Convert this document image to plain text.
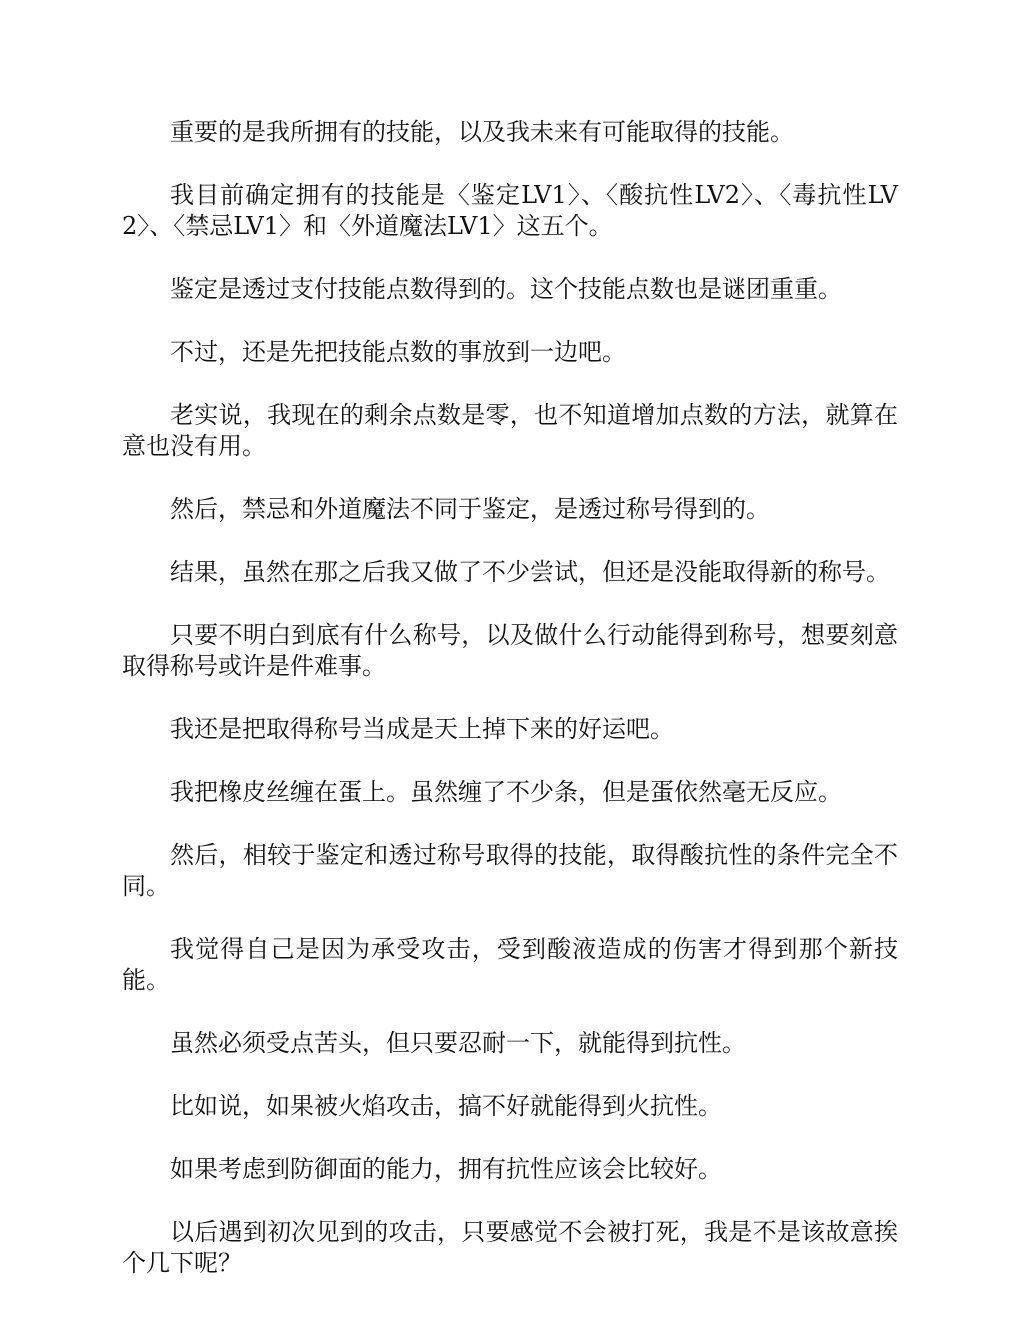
重要的是我所拥有的技能，以及我未来有可能取得的技能。

我目前确定拥有的技能是〈鉴定LV1〉、〈酸抗性LV2〉、〈毒抗性LV2〉、〈禁忌LV1〉和〈外道魔法LV1〉这五个。

鉴定是透过支付技能点数得到的。这个技能点数也是谜团重重。

不过，还是先把技能点数的事放到一边吧。

老实说，我现在的剩余点数是零，也不知道增加点数的方法，就算在意也没有用。

然后，禁忌和外道魔法不同于鉴定，是透过称号得到的。

结果，虽然在那之后我又做了不少尝试，但还是没能取得新的称号。

只要不明白到底有什么称号，以及做什么行动能得到称号，想要刻意取得称号或许是件难事。

我还是把取得称号当成是天上掉下来的好运吧。

我把橡皮丝缠在蛋上。虽然缠了不少条，但是蛋依然毫无反应。

然后，相较于鉴定和透过称号取得的技能，取得酸抗性的条件完全不同。

我觉得自己是因为承受攻击，受到酸液造成的伤害才得到那个新技能。

虽然必须受点苦头，但只要忍耐一下，就能得到抗性。

比如说，如果被火焰攻击，搞不好就能得到火抗性。

如果考虑到防御面的能力，拥有抗性应该会比较好。

以后遇到初次见到的攻击，只要感觉不会被打死，我是不是该故意挨个几下呢？
